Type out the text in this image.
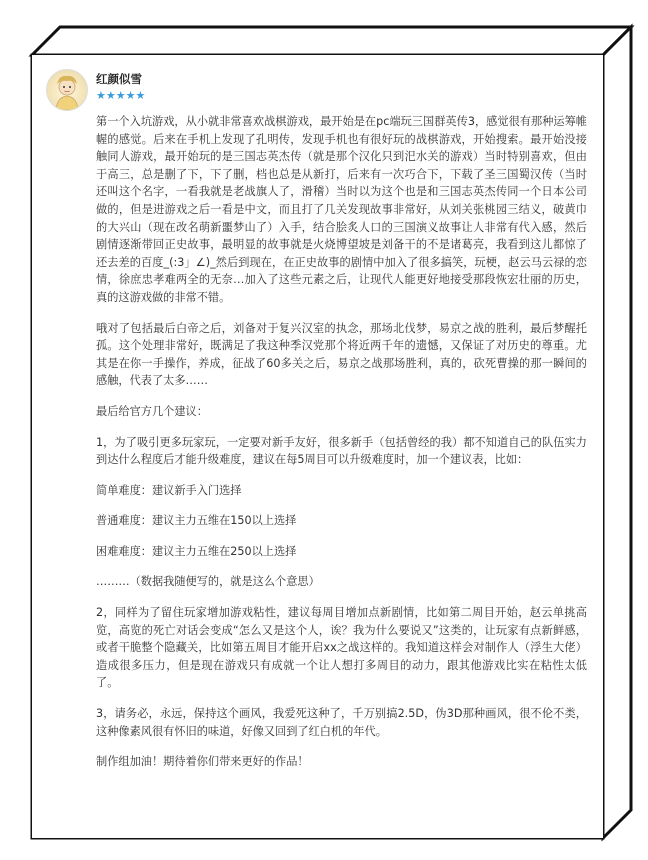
红颜似雪
★★★★★

第一个入坑游戏，从小就非常喜欢战棋游戏，最开始是在pc端玩三国群英传3，感觉很有那种运筹帷幄的感觉。后来在手机上发现了孔明传，发现手机也有很好玩的战棋游戏，开始搜索。最开始没接触同人游戏，最开始玩的是三国志英杰传（就是那个汉化只到汜水关的游戏）当时特别喜欢，但由于高三，总是删了下，下了删，档也总是从新打，后来有一次巧合下，下载了圣三国蜀汉传（当时还叫这个名字，一看我就是老战旗人了，滑稽）当时以为这个也是和三国志英杰传同一个日本公司做的，但是进游戏之后一看是中文，而且打了几关发现故事非常好，从刘关张桃园三结义，破黄巾的大兴山（现在改名萌新噩梦山了）入手，结合脍炙人口的三国演义故事让人非常有代入感，然后剧情逐渐带回正史故事，最明显的故事就是火烧博望坡是刘备干的不是诸葛亮，我看到这儿都惊了还去差的百度_(:3」∠)_然后到现在，在正史故事的剧情中加入了很多搞笑，玩梗，赵云马云禄的恋情，徐庶忠孝难两全的无奈…加入了这些元素之后，让现代人能更好地接受那段恢宏壮丽的历史，真的这游戏做的非常不错。

哦对了包括最后白帝之后，刘备对于复兴汉室的执念，那场北伐梦，易京之战的胜利，最后梦醒托孤。这个处理非常好，既满足了我这种季汉党那个将近两千年的遗憾，又保证了对历史的尊重。尤其是在你一手操作，养成，征战了60多关之后，易京之战那场胜利，真的，砍死曹操的那一瞬间的感触，代表了太多……

最后给官方几个建议：

1，为了吸引更多玩家玩，一定要对新手友好，很多新手（包括曾经的我）都不知道自己的队伍实力到达什么程度后才能升级难度，建议在每5周目可以升级难度时，加一个建议表，比如：

简单难度：建议新手入门选择

普通难度：建议主力五维在150以上选择

困难难度：建议主力五维在250以上选择

………（数据我随便写的，就是这么个意思）

2，同样为了留住玩家增加游戏粘性，建议每周目增加点新剧情，比如第二周目开始，赵云单挑高览，高览的死亡对话会变成“怎么又是这个人，诶？我为什么要说又”这类的，让玩家有点新鲜感，或者干脆整个隐藏关，比如第五周目才能开启xx之战这样的。我知道这样会对制作人（浮生大佬）造成很多压力，但是现在游戏只有成就一个让人想打多周目的动力，跟其他游戏比实在粘性太低了。

3，请务必，永远，保持这个画风，我爱死这种了，千万别搞2.5D，伪3D那种画风，很不伦不类，这种像素风很有怀旧的味道，好像又回到了红白机的年代。

制作组加油！期待着你们带来更好的作品！
